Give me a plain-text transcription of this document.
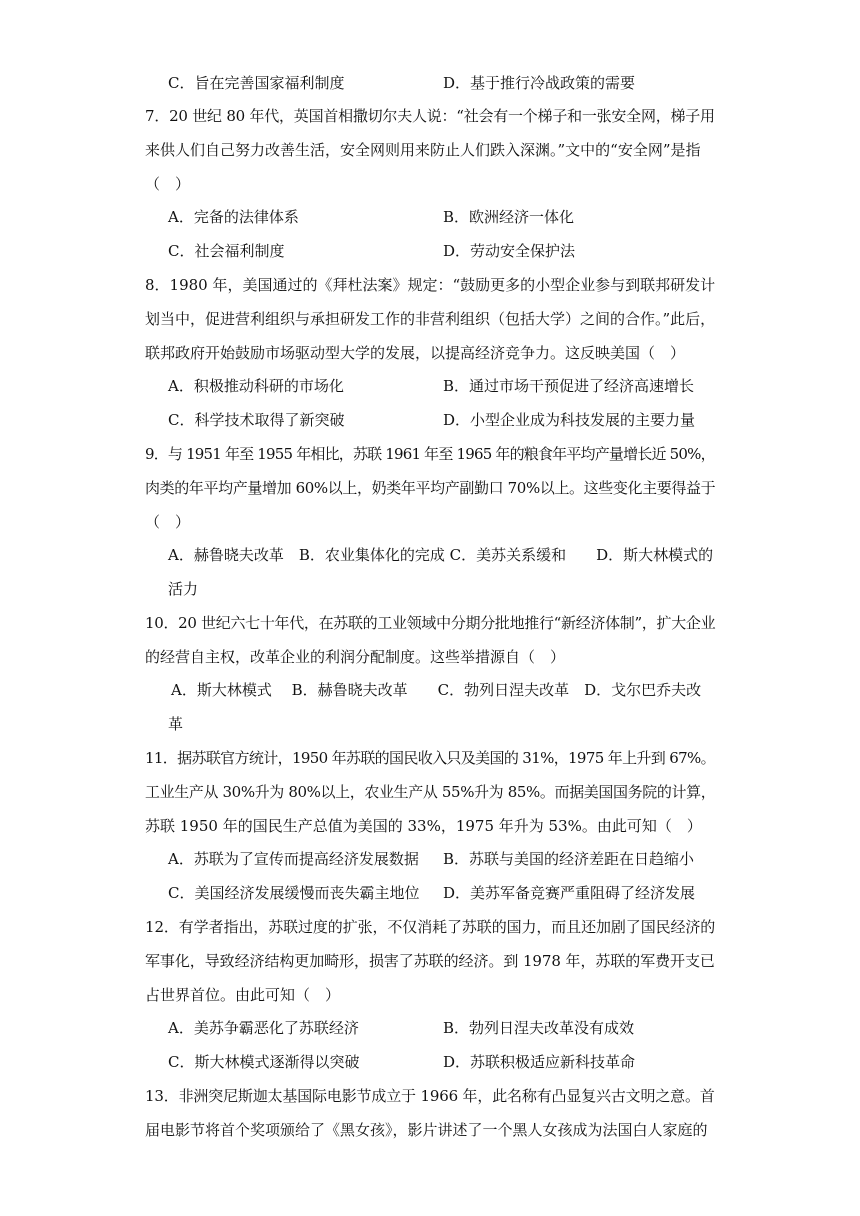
C．旨在完善国家福利制度	D．基于推行冷战政策的需要
7．20 世纪 80 年代，英国首相撒切尔夫人说：“社会有一个梯子和一张安全网，梯子用
来供人们自己努力改善生活，安全网则用来防止人们跌入深渊。”文中的“安全网”是指
（　）
A．完备的法律体系	B．欧洲经济一体化
C．社会福利制度	D．劳动安全保护法
8．1980 年，美国通过的《拜杜法案》规定：“鼓励更多的小型企业参与到联邦研发计
划当中，促进营利组织与承担研发工作的非营利组织（包括大学）之间的合作。”此后，
联邦政府开始鼓励市场驱动型大学的发展，以提高经济竞争力。这反映美国（　）
A．积极推动科研的市场化	B．通过市场干预促进了经济高速增长
C．科学技术取得了新突破	D．小型企业成为科技发展的主要力量
9．与 1951 年至 1955 年相比，苏联 1961 年至 1965 年的粮食年平均产量增长近 50%，
肉类的年平均产量增加 60%以上，奶类年平均产副勤口 70%以上。这些变化主要得益于
（　）
A．赫鲁晓夫改革　B．农业集体化的完成 C．美苏关系缓和　　D．斯大林模式的
活力
10．20 世纪六七十年代，在苏联的工业领域中分期分批地推行“新经济体制”，扩大企业
的经营自主权，改革企业的利润分配制度。这些举措源自（　）
A．斯大林模式　 B．赫鲁晓夫改革　　C．勃列日涅夫改革　D．戈尔巴乔夫改
革
11．据苏联官方统计，1950 年苏联的国民收入只及美国的 31%，1975 年上升到 67%。
工业生产从 30%升为 80%以上，农业生产从 55%升为 85%。而据美国国务院的计算，
苏联 1950 年的国民生产总值为美国的 33%，1975 年升为 53%。由此可知（　）
A．苏联为了宣传而提高经济发展数据 B．苏联与美国的经济差距在日趋缩小
C．美国经济发展缓慢而丧失霸主地位 D．美苏军备竞赛严重阻碍了经济发展
12．有学者指出，苏联过度的扩张，不仅消耗了苏联的国力，而且还加剧了国民经济的
军事化，导致经济结构更加畸形，损害了苏联的经济。到 1978 年，苏联的军费开支已
占世界首位。由此可知（　）
A．美苏争霸恶化了苏联经济	B．勃列日涅夫改革没有成效
C．斯大林模式逐渐得以突破	D．苏联积极适应新科技革命
13．非洲突尼斯迦太基国际电影节成立于 1966 年，此名称有凸显复兴古文明之意。首
届电影节将首个奖项颁给了《黑女孩》，影片讲述了一个黑人女孩成为法国白人家庭的
